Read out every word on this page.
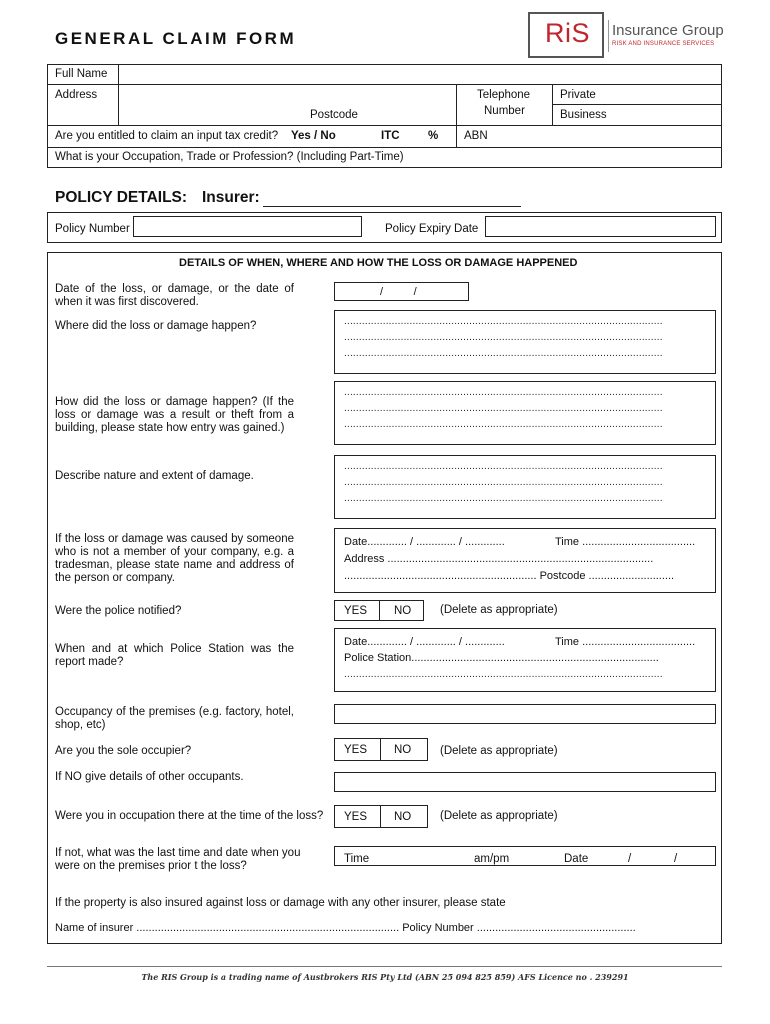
GENERAL CLAIM FORM	RiS Insurance Group
RISK AND INSURANCE SERVICES
Full Name
Address
Postcode
Telephone
Number
Private
Business
Are you entitled to claim an input tax credit? Yes / No	ITC % ABN
What is your Occupation, Trade or Profession? (Including Part-Time)
POLICY DETAILS: Insurer:
Policy Number	Policy Expiry Date
DETAILS OF WHEN, WHERE AND HOW THE LOSS OR DAMAGE HAPPENED
Date of the loss, or damage, or the date of when it was first discovered.
/          /
Where did the loss or damage happen?	...........................................................................................................
...........................................................................................................
...........................................................................................................
How did the loss or damage happen? (If the loss or damage was a result or theft from a building, please state how entry was gained.)
...........................................................................................................
...........................................................................................................
...........................................................................................................
Describe nature and extent of damage.
...........................................................................................................
...........................................................................................................
...........................................................................................................
If the loss or damage was caused by someone who is not a member of your company, e.g. a tradesman, please state name and address of the person or company.
Date............. / ............. / .............	Time .....................................
Address .......................................................................................
............................................................... Postcode ............................
Were the police notified?	YES NO	(Delete as appropriate)
When and at which Police Station was the report made?
Date............. / ............. / .............	Time .....................................
Police Station.................................................................................
...........................................................................................................
Occupancy of the premises (e.g. factory, hotel, shop, etc)
Are you the sole occupier?	YES NO	(Delete as appropriate)
If NO give details of other occupants.
Were you in occupation there at the time of the loss? YES NO	(Delete as appropriate)
If not, what was the last time and date when you were on the premises prior t the loss?
Time	am/pm	Date	/	/
If the property is also insured against loss or damage with any other insurer, please state
Name of insurer ...................................................................................... Policy Number ....................................................
The RIS Group is a trading name of Austbrokers RIS Pty Ltd (ABN 25 094 825 859) AFS Licence no . 239291
